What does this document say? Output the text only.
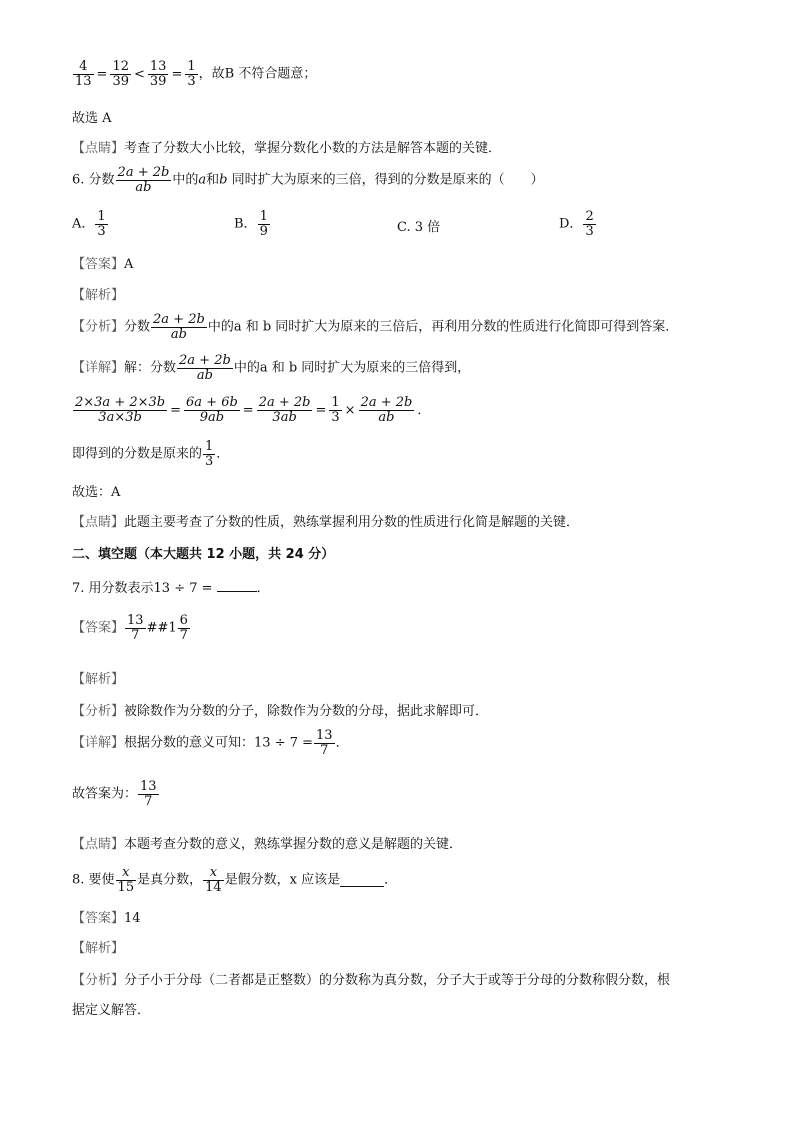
$\frac{4}{13} = \frac{12}{39} < \frac{13}{39} = \frac{1}{3}$ ，故B 不符合题意；
故选 A
【点睛】考查了分数大小比较，掌握分数化小数的方法是解答本题的关键．
6. 分数 $\frac{2a + 2b}{ab}$ 中的a和b 同时扩大为原来的三倍，得到的分数是原来的（　　）
A． $\frac{1}{3}$	B． $\frac{1}{9}$	C. 3 倍	D． $\frac{2}{3}$
【答案】A
【解析】
【分析】分数 $\frac{2a + 2b}{ab}$ 中的a 和 b 同时扩大为原来的三倍后，再利用分数的性质进行化简即可得到答案．
【详解】解：分数 $\frac{2a + 2b}{ab}$ 中的a 和 b 同时扩大为原来的三倍得到，
$\frac{2\times 3a + 2\times 3b}{3a\times 3b} = \frac{6a + 6b}{9ab} = \frac{2a + 2b}{3ab} = \frac{1}{3} \times \frac{2a + 2b}{ab}$ ．
即得到的分数是原来的 $\frac{1}{3}$ ．
故选：A
【点睛】此题主要考查了分数的性质，熟练掌握利用分数的性质进行化简是解题的关键．
二、填空题（本大题共 12 小题，共 24 分）
7. 用分数表示13 ÷ 7 =	．
【答案】 $\frac{13}{7}$ ##1 $\frac{6}{7}$
【解析】
【分析】被除数作为分数的分子，除数作为分数的分母，据此求解即可．
【详解】根据分数的意义可知：$13 \div 7 = \frac{13}{7}$ ．
故答案为： $\frac{13}{7}$
【点睛】本题考查分数的意义，熟练掌握分数的意义是解题的关键．
8. 要使 $\frac{x}{15}$ 是真分数， $\frac{x}{14}$ 是假分数，x 应该是	．
【答案】14
【解析】
【分析】分子小于分母（二者都是正整数）的分数称为真分数，分子大于或等于分母的分数称假分数，根
据定义解答．
